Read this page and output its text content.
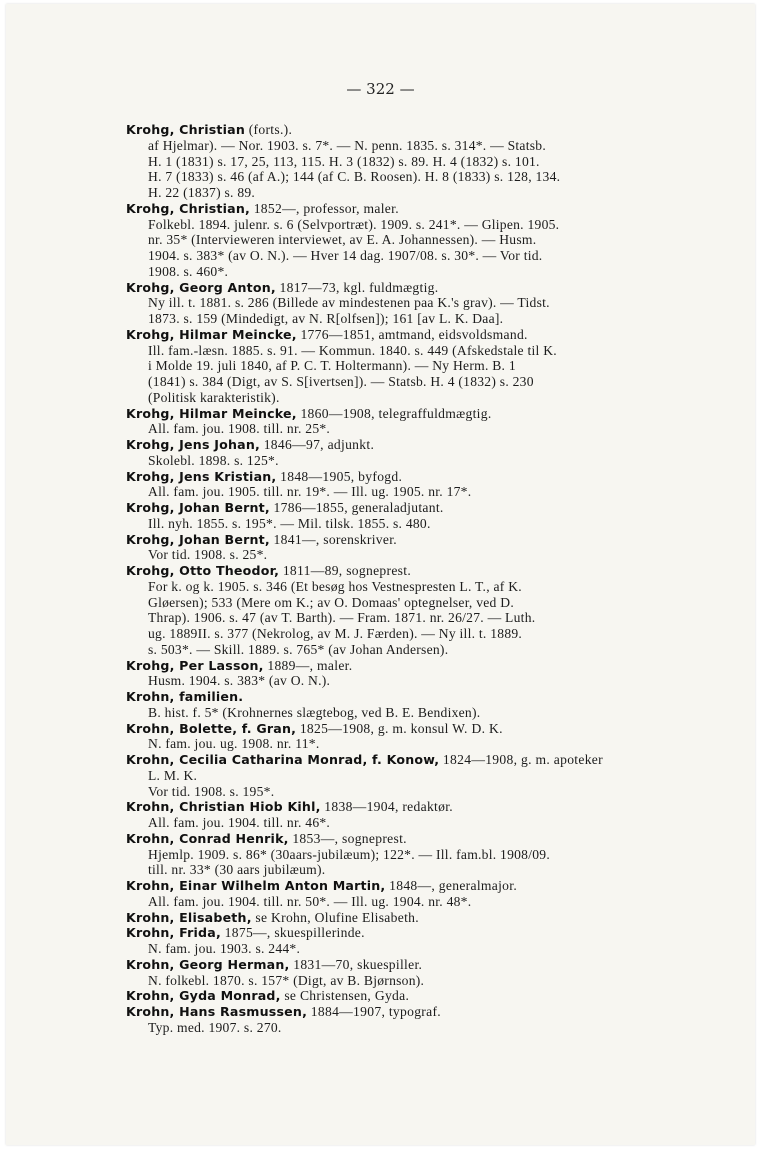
— 322 —
Krohg, Christian (forts.).
af Hjelmar). — Nor. 1903. s. 7*. — N. penn. 1835. s. 314*. — Statsb.
H. 1 (1831) s. 17, 25, 113, 115. H. 3 (1832) s. 89. H. 4 (1832) s. 101.
H. 7 (1833) s. 46 (af A.); 144 (af C. B. Roosen). H. 8 (1833) s. 128, 134.
H. 22 (1837) s. 89.
Krohg, Christian, 1852—, professor, maler.
Folkebl. 1894. julenr. s. 6 (Selvportræt). 1909. s. 241*. — Glipen. 1905.
nr. 35* (Intervieweren interviewet, av E. A. Johannessen). — Husm.
1904. s. 383* (av O. N.). — Hver 14 dag. 1907/08. s. 30*. — Vor tid.
1908. s. 460*.
Krohg, Georg Anton, 1817—73, kgl. fuldmægtig.
Ny ill. t. 1881. s. 286 (Billede av mindestenen paa K.'s grav). — Tidst.
1873. s. 159 (Mindedigt, av N. R[olfsen]); 161 [av L. K. Daa].
Krohg, Hilmar Meincke, 1776—1851, amtmand, eidsvoldsmand.
Ill. fam.-læsn. 1885. s. 91. — Kommun. 1840. s. 449 (Afskedstale til K.
i Molde 19. juli 1840, af P. C. T. Holtermann). — Ny Herm. B. 1
(1841) s. 384 (Digt, av S. S[ivertsen]). — Statsb. H. 4 (1832) s. 230
(Politisk karakteristik).
Krohg, Hilmar Meincke, 1860—1908, telegraffuldmægtig.
All. fam. jou. 1908. till. nr. 25*.
Krohg, Jens Johan, 1846—97, adjunkt.
Skolebl. 1898. s. 125*.
Krohg, Jens Kristian, 1848—1905, byfogd.
All. fam. jou. 1905. till. nr. 19*. — Ill. ug. 1905. nr. 17*.
Krohg, Johan Bernt, 1786—1855, generaladjutant.
Ill. nyh. 1855. s. 195*. — Mil. tilsk. 1855. s. 480.
Krohg, Johan Bernt, 1841—, sorenskriver.
Vor tid. 1908. s. 25*.
Krohg, Otto Theodor, 1811—89, sogneprest.
For k. og k. 1905. s. 346 (Et besøg hos Vestnespresten L. T., af K.
Gløersen); 533 (Mere om K.; av O. Domaas' optegnelser, ved D.
Thrap). 1906. s. 47 (av T. Barth). — Fram. 1871. nr. 26/27. — Luth.
ug. 1889II. s. 377 (Nekrolog, av M. J. Færden). — Ny ill. t. 1889.
s. 503*. — Skill. 1889. s. 765* (av Johan Andersen).
Krohg, Per Lasson, 1889—, maler.
Husm. 1904. s. 383* (av O. N.).
Krohn, familien.
B. hist. f. 5* (Krohnernes slægtebog, ved B. E. Bendixen).
Krohn, Bolette, f. Gran, 1825—1908, g. m. konsul W. D. K.
N. fam. jou. ug. 1908. nr. 11*.
Krohn, Cecilia Catharina Monrad, f. Konow, 1824—1908, g. m. apoteker
L. M. K.
Vor tid. 1908. s. 195*.
Krohn, Christian Hiob Kihl, 1838—1904, redaktør.
All. fam. jou. 1904. till. nr. 46*.
Krohn, Conrad Henrik, 1853—, sogneprest.
Hjemlp. 1909. s. 86* (30aars-jubilæum); 122*. — Ill. fam.bl. 1908/09.
till. nr. 33* (30 aars jubilæum).
Krohn, Einar Wilhelm Anton Martin, 1848—, generalmajor.
All. fam. jou. 1904. till. nr. 50*. — Ill. ug. 1904. nr. 48*.
Krohn, Elisabeth, se Krohn, Olufine Elisabeth.
Krohn, Frida, 1875—, skuespillerinde.
N. fam. jou. 1903. s. 244*.
Krohn, Georg Herman, 1831—70, skuespiller.
N. folkebl. 1870. s. 157* (Digt, av B. Bjørnson).
Krohn, Gyda Monrad, se Christensen, Gyda.
Krohn, Hans Rasmussen, 1884—1907, typograf.
Typ. med. 1907. s. 270.
